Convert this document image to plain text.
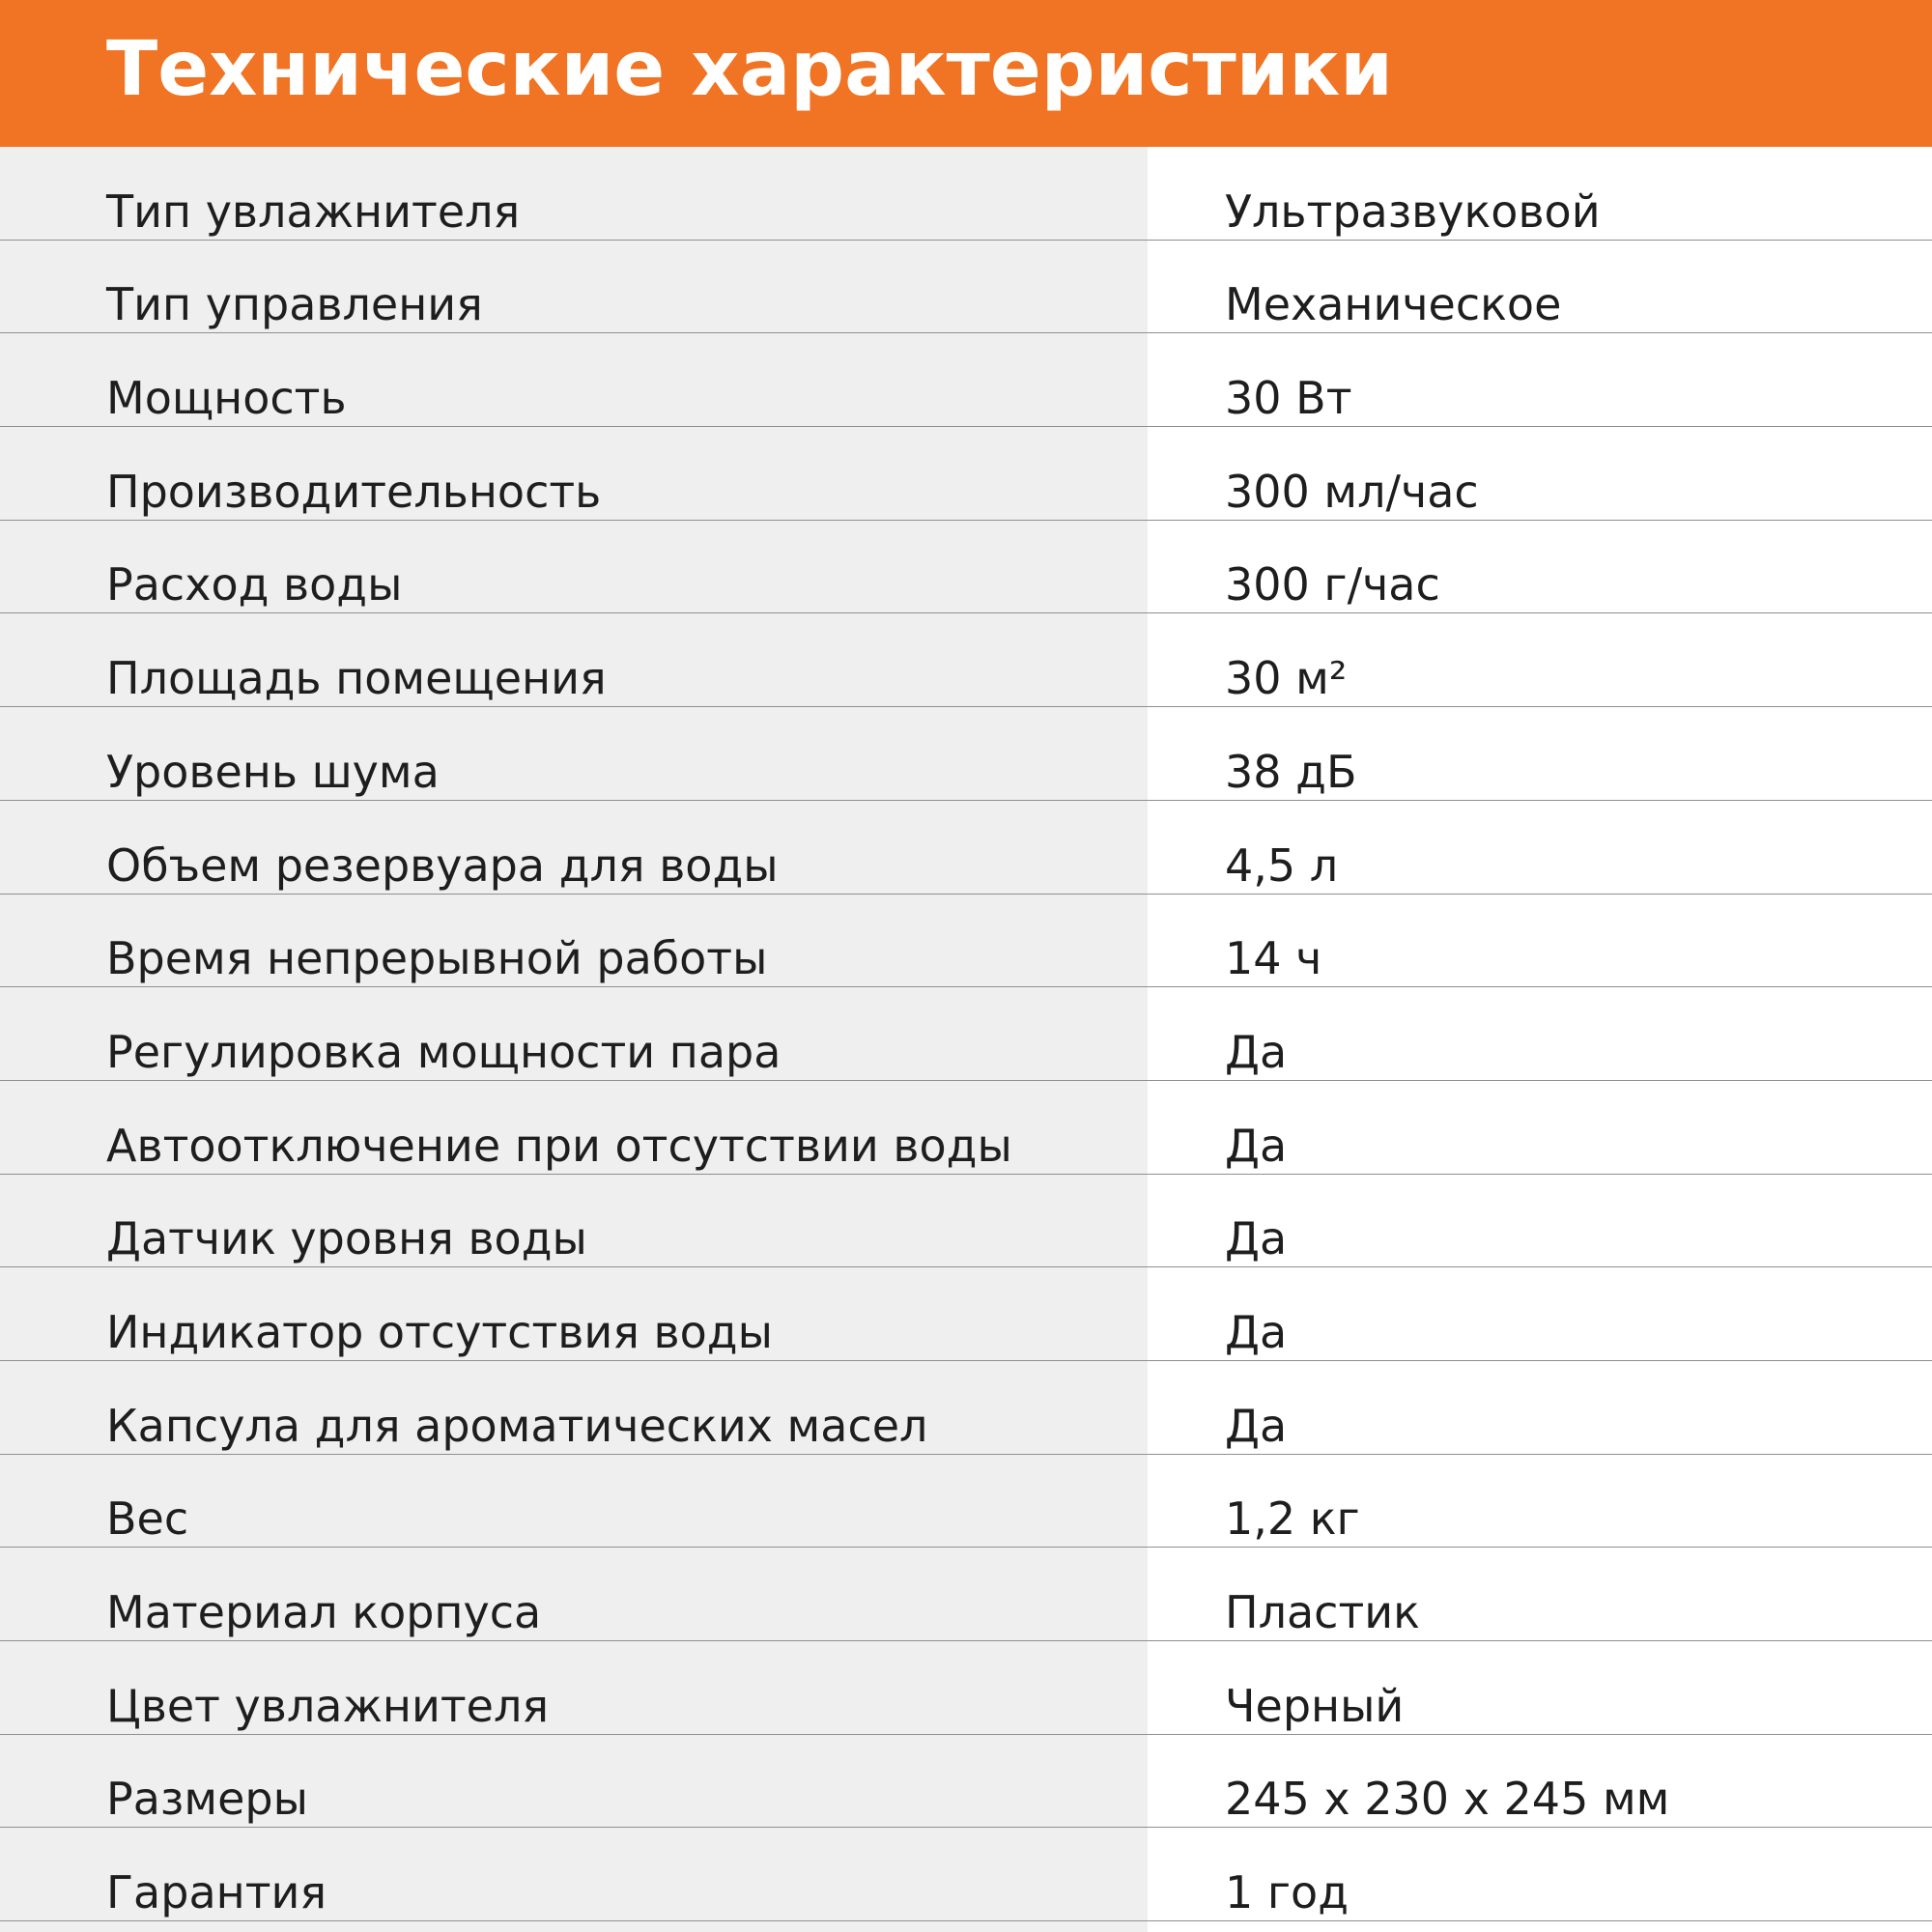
Технические характеристики
Тип увлажнителя	Ультразвуковой
Тип управления	Механическое
Мощность	30 Вт
Производительность	300 мл/час
Расход воды	300 г/час
Площадь помещения	30 м²
Уровень шума	38 дБ
Объем резервуара для воды	4,5 л
Время непрерывной работы	14 ч
Регулировка мощности пара	Да
Автоотключение при отсутствии воды	Да
Датчик уровня воды	Да
Индикатор отсутствия воды	Да
Капсула для ароматических масел	Да
Вес	1,2 кг
Материал корпуса	Пластик
Цвет увлажнителя	Черный
Размеры	245 х 230 х 245 мм
Гарантия	1 год
